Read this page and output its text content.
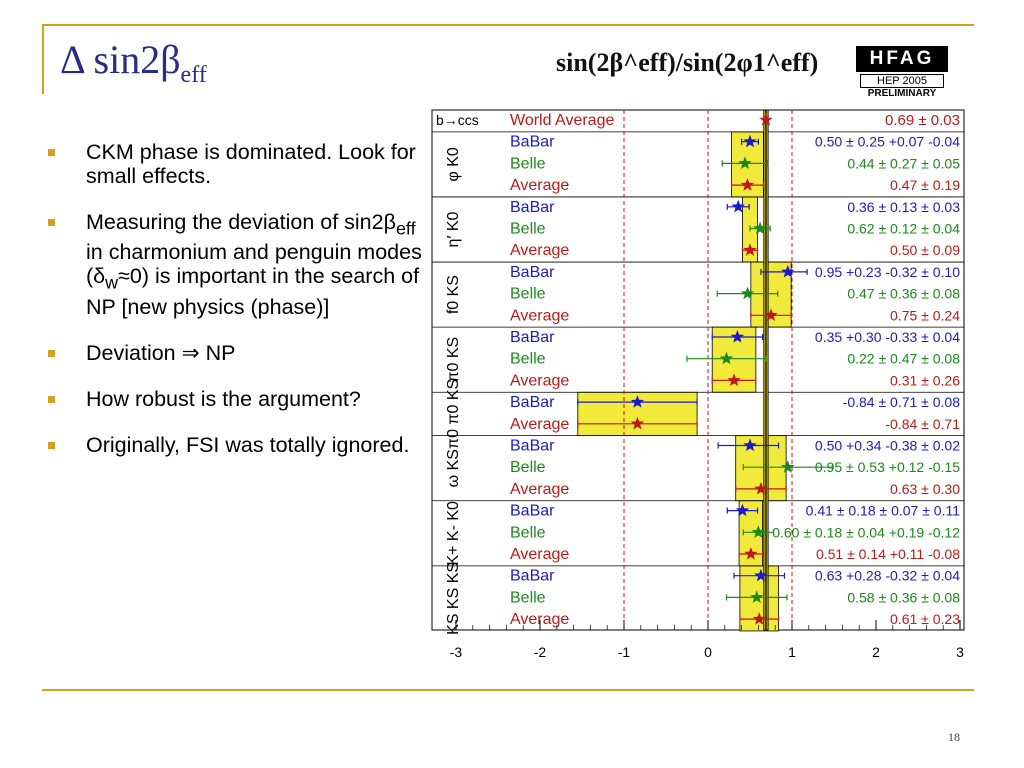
Δ $\sin 2\beta_{eff}$
CKM phase is dominated. Look for small effects.
Measuring the deviation of $\sin 2\beta_{eff}$ in charmonium and penguin modes $(\delta_w\approx 0)$ is important in the search of NP [new physics (phase)]
Deviation ⇒ NP
How robust is the argument?
Originally, FSI was totally ignored.
sin(2β^eff)/sin(2φ1^eff)	HFAG
HEP 2005
PRELIMINARY
φ K0
η′ K0
f0 KS
π0 KS
π0 π0 KS
ω KS
K+ K- K0
KS KS KS
b→ccs World Average	0.69 ± 0.03
BaBar	0.50 ± 0.25 +0.07 -0.04
Belle	0.44 ± 0.27 ± 0.05
Average	0.47 ± 0.19
BaBar	0.36 ± 0.13 ± 0.03
Belle	0.62 ± 0.12 ± 0.04
Average	0.50 ± 0.09
BaBar	0.95 +0.23 -0.32 ± 0.10
Belle	0.47 ± 0.36 ± 0.08
Average	0.75 ± 0.24
BaBar	0.35 +0.30 -0.33 ± 0.04
Belle	0.22 ± 0.47 ± 0.08
Average	0.31 ± 0.26
BaBar	-0.84 ± 0.71 ± 0.08
Average	-0.84 ± 0.71
BaBar	0.50 +0.34 -0.38 ± 0.02
Belle	0.95 ± 0.53 +0.12 -0.15
Average	0.63 ± 0.30
BaBar	0.41 ± 0.18 ± 0.07 ± 0.11
Belle	0.60 ± 0.18 ± 0.04 +0.19 -0.12
Average	0.51 ± 0.14 +0.11 -0.08
BaBar	0.63 +0.28 -0.32 ± 0.04
Belle	0.58 ± 0.36 ± 0.08
Average	0.61 ± 0.23
-3	-2	-1	0	1	2	3
18
